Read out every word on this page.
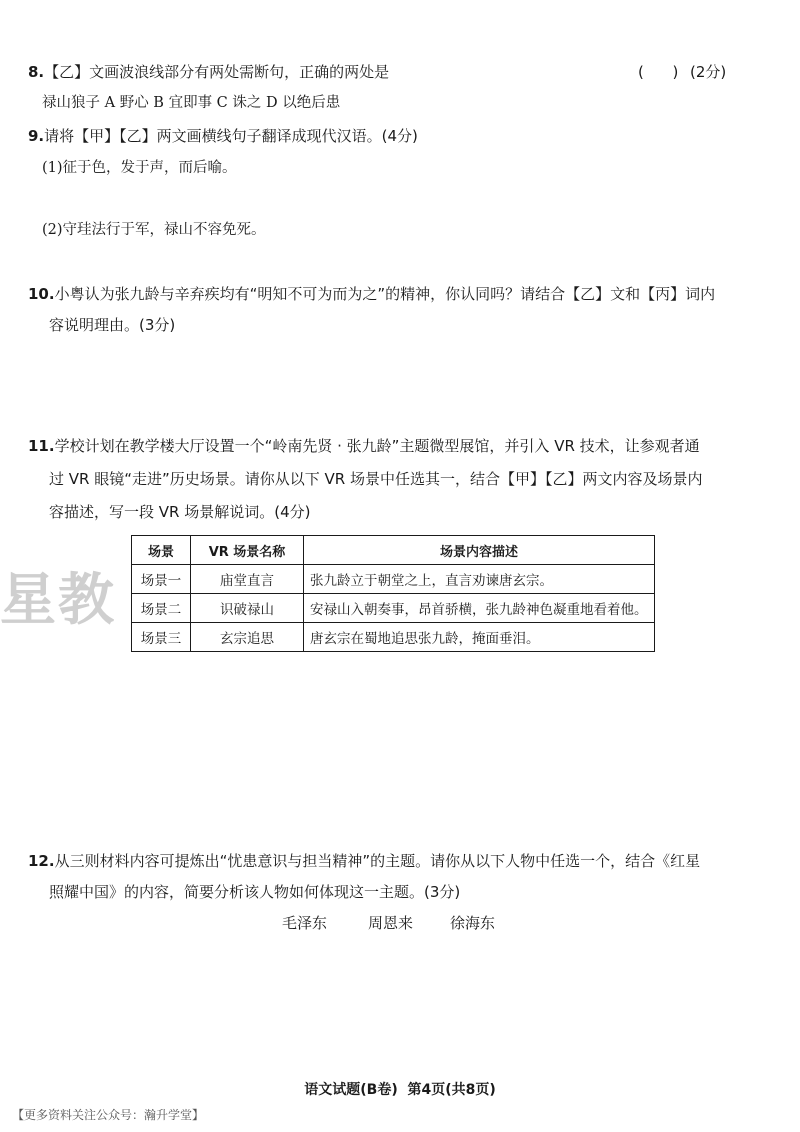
8.【乙】文画波浪线部分有两处需断句，正确的两处是	(      ) (2分)
禄山狼子 A 野心 B 宜即事 C 诛之 D 以绝后患
9.请将【甲】【乙】两文画横线句子翻译成现代汉语。(4分)
(1)征于色，发于声，而后喻。
(2)守珪法行于军，禄山不容免死。
10.小粤认为张九龄与辛弃疾均有“明知不可为而为之”的精神，你认同吗？请结合【乙】文和【丙】词内
容说明理由。(3分)
11.学校计划在教学楼大厅设置一个“岭南先贤 · 张九龄”主题微型展馆，并引入 VR 技术，让参观者通
过 VR 眼镜“走进”历史场景。请你从以下 VR 场景中任选其一，结合【甲】【乙】两文内容及场景内
容描述，写一段 VR 场景解说词。(4分)
星教
场景	VR 场景名称	场景内容描述
场景一	庙堂直言	张九龄立于朝堂之上，直言劝谏唐玄宗。
场景二	识破禄山	安禄山入朝奏事，昂首骄横，张九龄神色凝重地看着他。
场景三	玄宗追思	唐玄宗在蜀地追思张九龄，掩面垂泪。
12.从三则材料内容可提炼出“忧患意识与担当精神”的主题。请你从以下人物中任选一个，结合《红星
照耀中国》的内容，简要分析该人物如何体现这一主题。(3分)
毛泽东	周恩来 徐海东
语文试题(B卷)  第4页(共8页)
【更多资料关注公众号：瀚升学堂】
